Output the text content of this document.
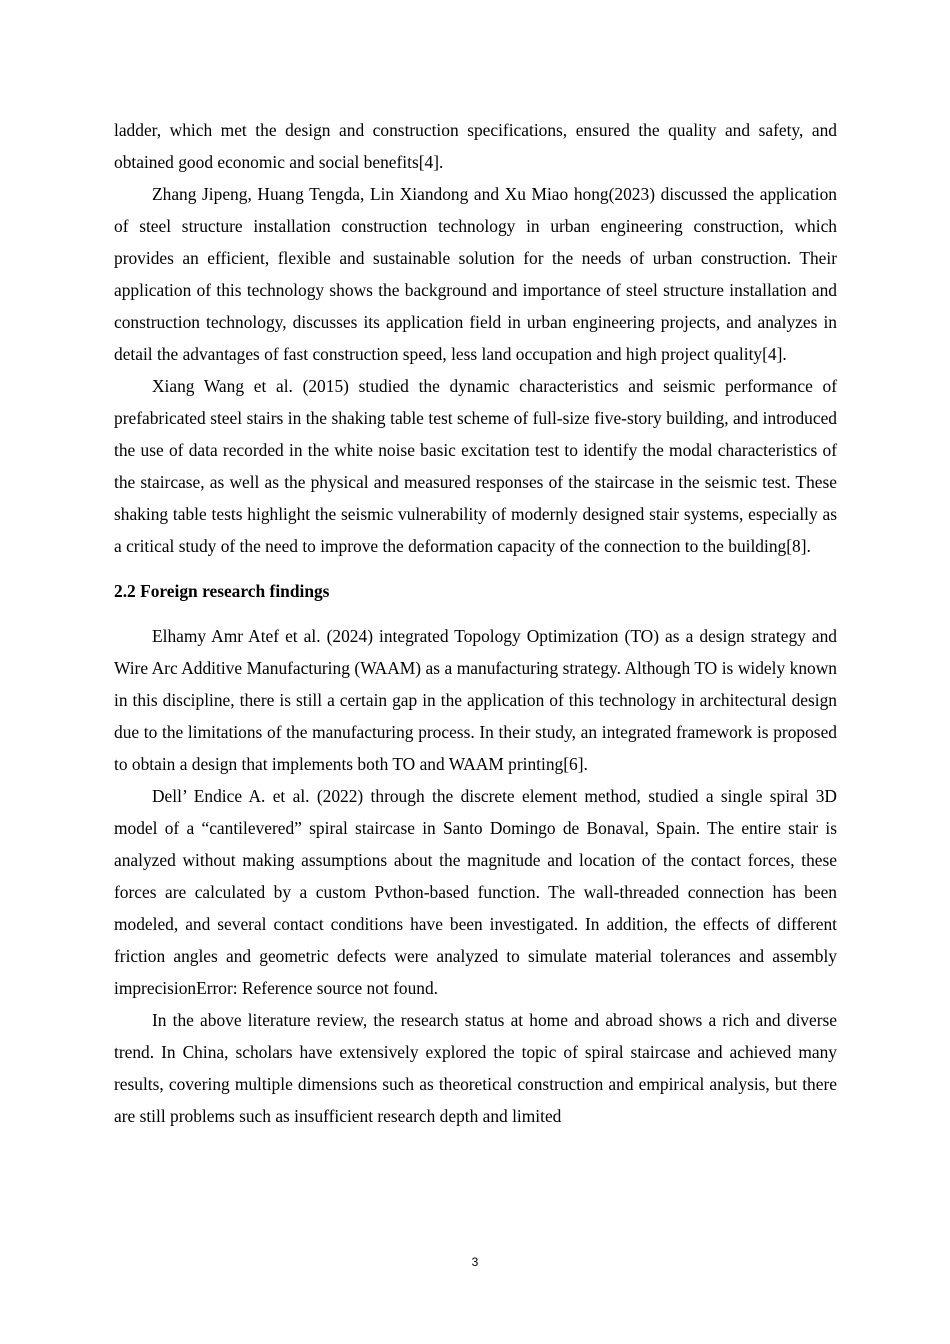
ladder, which met the design and construction specifications, ensured the quality and safety, and obtained good economic and social benefits[4].

Zhang Jipeng, Huang Tengda, Lin Xiandong and Xu Miao hong(2023) discussed the application of steel structure installation construction technology in urban engineering construction, which provides an efficient, flexible and sustainable solution for the needs of urban construction. Their application of this technology shows the background and importance of steel structure installation and construction technology, discusses its application field in urban engineering projects, and analyzes in detail the advantages of fast construction speed, less land occupation and high project quality[4].

Xiang Wang et al. (2015) studied the dynamic characteristics and seismic performance of prefabricated steel stairs in the shaking table test scheme of full-size five-story building, and introduced the use of data recorded in the white noise basic excitation test to identify the modal characteristics of the staircase, as well as the physical and measured responses of the staircase in the seismic test. These shaking table tests highlight the seismic vulnerability of modernly designed stair systems, especially as a critical study of the need to improve the deformation capacity of the connection to the building[8].

2.2 Foreign research findings

Elhamy Amr Atef et al. (2024) integrated Topology Optimization (TO) as a design strategy and Wire Arc Additive Manufacturing (WAAM) as a manufacturing strategy. Although TO is widely known in this discipline, there is still a certain gap in the application of this technology in architectural design due to the limitations of the manufacturing process. In their study, an integrated framework is proposed to obtain a design that implements both TO and WAAM printing[6].

Dell’ Endice A. et al. (2022) through the discrete element method, studied a single spiral 3D model of a “cantilevered” spiral staircase in Santo Domingo de Bonaval, Spain. The entire stair is analyzed without making assumptions about the magnitude and location of the contact forces, these forces are calculated by a custom Pvthon-based function. The wall-threaded connection has been modeled, and several contact conditions have been investigated. In addition, the effects of different friction angles and geometric defects were analyzed to simulate material tolerances and assembly imprecisionError: Reference source not found.

In the above literature review, the research status at home and abroad shows a rich and diverse trend. In China, scholars have extensively explored the topic of spiral staircase and achieved many results, covering multiple dimensions such as theoretical construction and empirical analysis, but there are still problems such as insufficient research depth and limited

3
